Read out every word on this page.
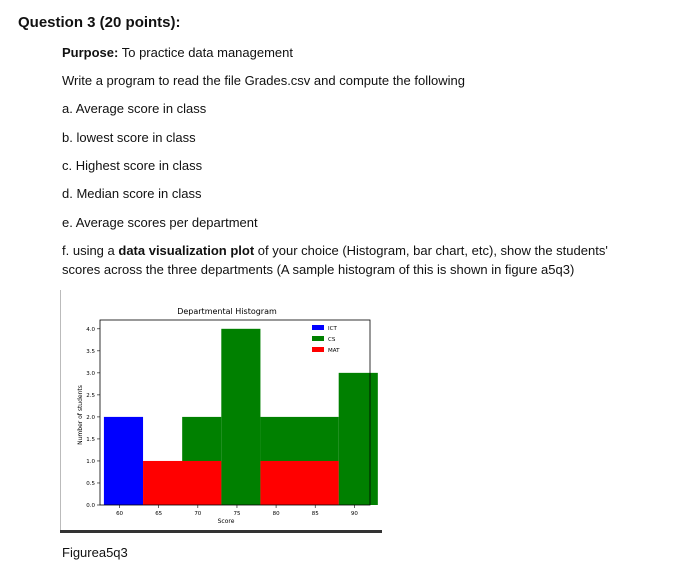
Question 3 (20 points):
Purpose: To practice data management
Write a program to read the file Grades.csv and compute the following
a. Average score in class
b. lowest score in class
c. Highest score in class
d. Median score in class
e. Average scores per department
f. using a data visualization plot of your choice (Histogram, bar chart, etc), show the students'
scores across the three departments (A sample histogram of this is shown in figure a5q3)
Departmental Histogram
Number of students
Score
0.0
0.5
1.0
1.5
2.0
2.5
3.0
3.5
4.0
60	65	70	75	80	85	90
ICT
CS
MAT
Figurea5q3
